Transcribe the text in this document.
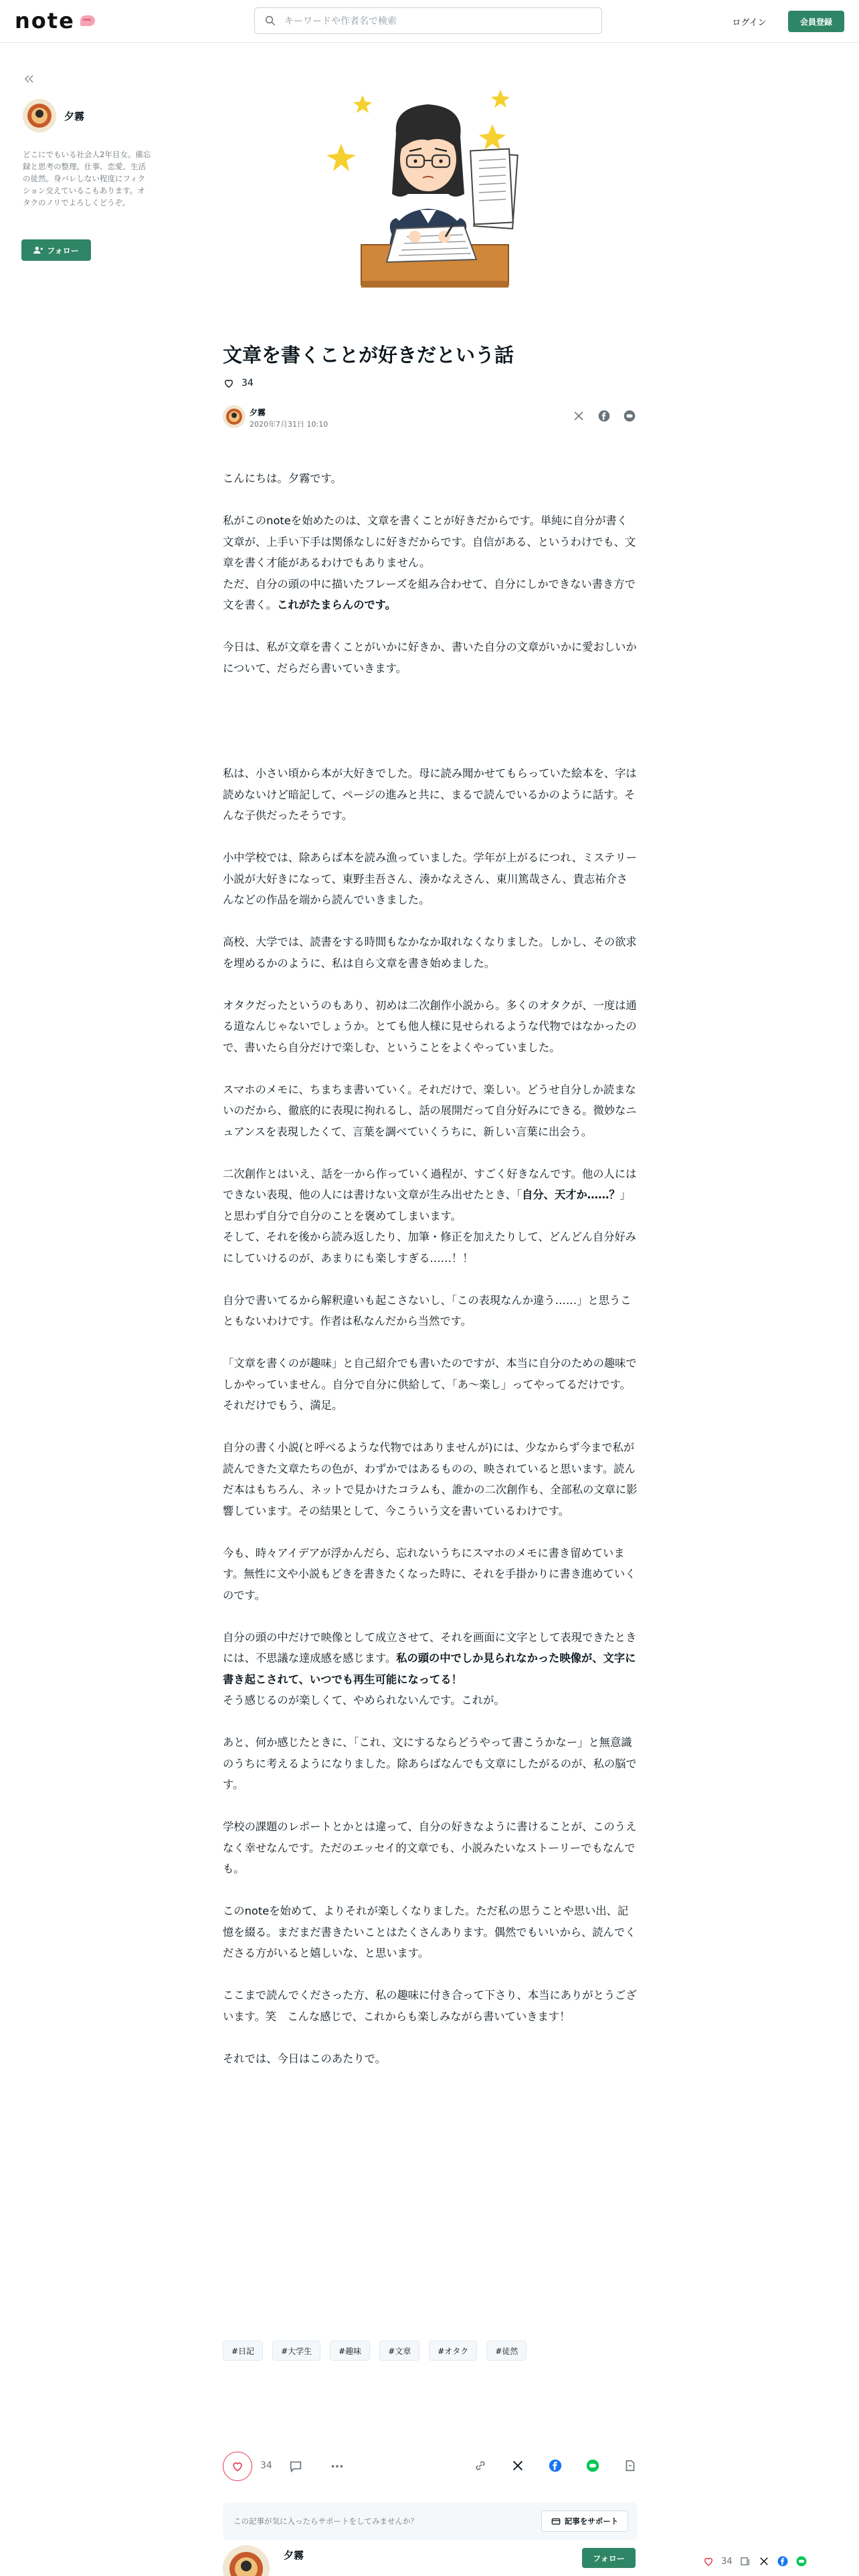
note	キーワードや作者名で検索	ログイン	会員登録
夕霧
どこにでもいる社会人2年目女。備忘録と思考の整理。仕事、恋愛、生活の徒然。身バレしない程度にフィクション交えているこもあります。オタクのノリでよろしくどうぞ。
フォロー
文章を書くことが好きだという話
34
夕霧
2020年7月31日 10:10

こんにちは。夕霧です。

私がこのnoteを始めたのは、文章を書くことが好きだからです。単純に自分が書く文章が、上手い下手は関係なしに好きだからです。自信がある、というわけでも、文章を書く才能があるわけでもありません。
ただ、自分の頭の中に描いたフレーズを組み合わせて、自分にしかできない書き方で文を書く。これがたまらんのです。

今日は、私が文章を書くことがいかに好きか、書いた自分の文章がいかに愛おしいかについて、だらだら書いていきます。

私は、小さい頃から本が大好きでした。母に読み聞かせてもらっていた絵本を、字は読めないけど暗記して、ページの進みと共に、まるで読んでいるかのように話す。そんな子供だったそうです。

小中学校では、除あらば本を読み漁っていました。学年が上がるにつれ、ミステリー小説が大好きになって、東野圭吾さん、湊かなえさん、東川篤哉さん、貴志祐介さんなどの作品を端から読んでいきました。

高校、大学では、読書をする時間もなかなか取れなくなりました。しかし、その欲求を埋めるかのように、私は自ら文章を書き始めました。

オタクだったというのもあり、初めは二次創作小説から。多くのオタクが、一度は通る道なんじゃないでしょうか。とても他人様に見せられるような代物ではなかったので、書いたら自分だけで楽しむ、ということをよくやっていました。

スマホのメモに、ちまちま書いていく。それだけで、楽しい。どうせ自分しか読まないのだから、徹底的に表現に拘れるし、話の展開だって自分好みにできる。微妙なニュアンスを表現したくて、言葉を調べていくうちに、新しい言葉に出会う。

二次創作とはいえ、話を一から作っていく過程が、すごく好きなんです。他の人にはできない表現、他の人には書けない文章が生み出せたとき、「自分、天才か……？」と思わず自分で自分のことを褒めてしまいます。
そして、それを後から読み返したり、加筆・修正を加えたりして、どんどん自分好みにしていけるのが、あまりにも楽しすぎる……！！

自分で書いてるから解釈違いも起こさないし、「この表現なんか違う……」と思うこともないわけです。作者は私なんだから当然です。

「文章を書くのが趣味」と自己紹介でも書いたのですが、本当に自分のための趣味でしかやっていません。自分で自分に供給して、「あ〜楽し」ってやってるだけです。それだけでもう、満足。

自分の書く小説(と呼べるような代物ではありませんが)には、少なからず今まで私が読んできた文章たちの色が、わずかではあるものの、映されていると思います。読んだ本はもちろん、ネットで見かけたコラムも、誰かの二次創作も、全部私の文章に影響しています。その結果として、今こういう文を書いているわけです。

今も、時々アイデアが浮かんだら、忘れないうちにスマホのメモに書き留めています。無性に文や小説もどきを書きたくなった時に、それを手掛かりに書き進めていくのです。

自分の頭の中だけで映像として成立させて、それを画面に文字として表現できたときには、不思議な達成感を感じます。私の頭の中でしか見られなかった映像が、文字に書き起こされて、いつでも再生可能になってる！
そう感じるのが楽しくて、やめられないんです。これが。

あと、何か感じたときに、「これ、文にするならどうやって書こうかなー」と無意識のうちに考えるようになりました。除あらばなんでも文章にしたがるのが、私の脳です。

学校の課題のレポートとかとは違って、自分の好きなように書けることが、このうえなく幸せなんです。ただのエッセイ的文章でも、小説みたいなストーリーでもなんでも。

このnoteを始めて、よりそれが楽しくなりました。ただ私の思うことや思い出、記憶を綴る。まだまだ書きたいことはたくさんあります。偶然でもいいから、読んでくださる方がいると嬉しいな、と思います。

ここまで読んでくださった方、私の趣味に付き合って下さり、本当にありがとうございます。笑　こんな感じで、これからも楽しみながら書いていきます！

それでは、今日はこのあたりで。

#日記	#大学生	#趣味	#文章	#オタク	#徒然
34
この記事が気に入ったらサポートをしてみませんか？	記事をサポート
夕霧	フォロー	34
